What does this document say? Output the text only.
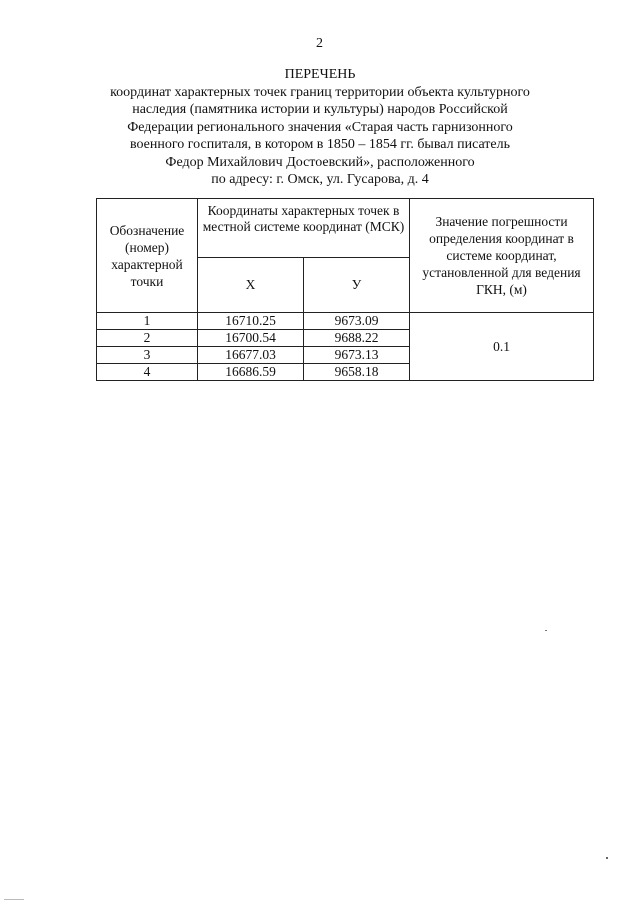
2
ПЕРЕЧЕНЬ
координат характерных точек границ территории объекта культурного
наследия (памятника истории и культуры) народов Российской
Федерации регионального значения «Старая часть гарнизонного
военного госпиталя, в котором в 1850 – 1854 гг. бывал писатель
Федор Михайлович Достоевский», расположенного
по адресу: г. Омск, ул. Гусарова, д. 4
Обозначение (номер) характерной точки	Координаты характерных точек в местной системе координат (МСК)		Значение погрешности определения координат в системе координат, установленной для ведения ГКН, (м)
	Х	У	
1	16710.25	9673.09	0.1
2	16700.54	9688.22	
3	16677.03	9673.13	
4	16686.59	9658.18	
